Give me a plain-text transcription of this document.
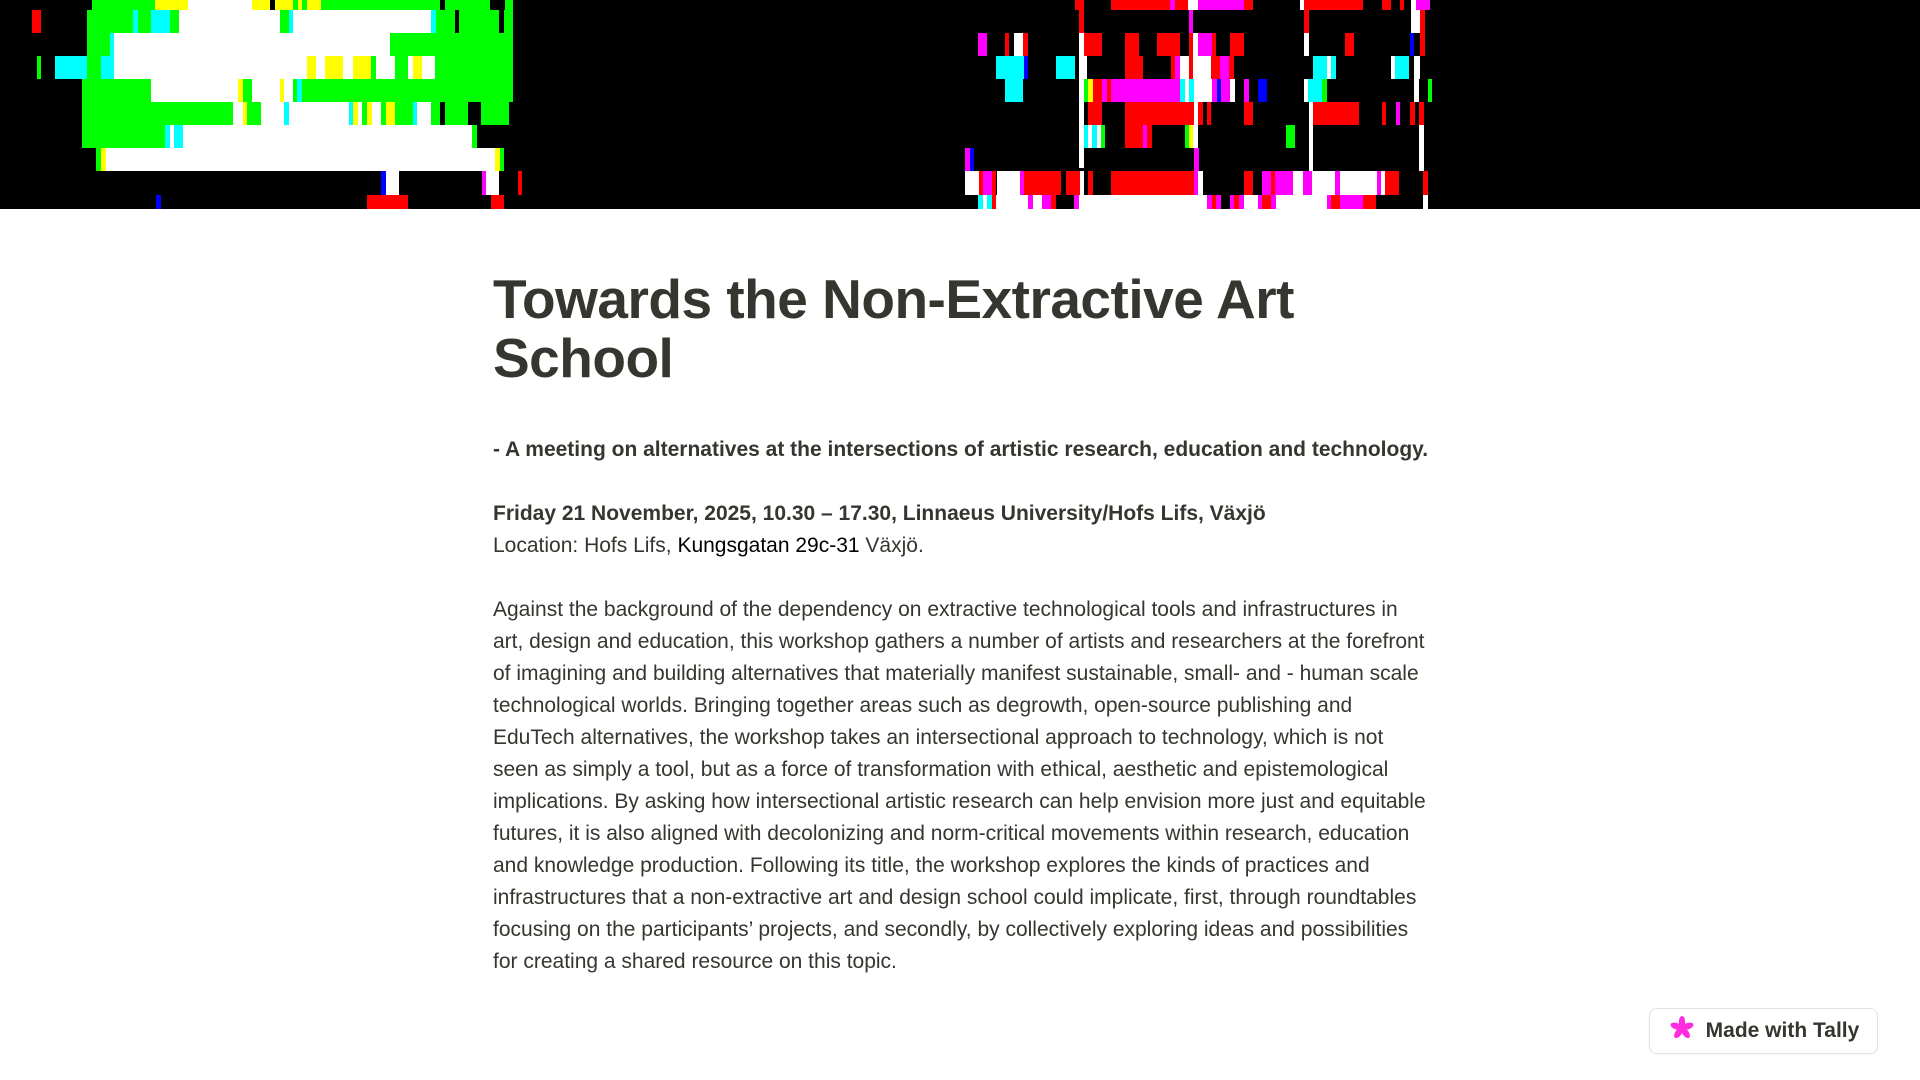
Towards the Non-Extractive Art School

- A meeting on alternatives at the intersections of artistic research, education and technology.

Friday 21 November, 2025, 10.30 – 17.30, Linnaeus University/Hofs Lifs, Växjö

Location: Hofs Lifs, Kungsgatan 29c-31 Växjö.

Against the background of the dependency on extractive technological tools and infrastructures in art, design and education, this workshop gathers a number of artists and researchers at the forefront of imagining and building alternatives that materially manifest sustainable, small- and - human scale technological worlds. Bringing together areas such as degrowth, open-source publishing and EduTech alternatives, the workshop takes an intersectional approach to technology, which is not seen as simply a tool, but as a force of transformation with ethical, aesthetic and epistemological implications. By asking how intersectional artistic research can help envision more just and equitable futures, it is also aligned with decolonizing and norm-critical movements within research, education and knowledge production. Following its title, the workshop explores the kinds of practices and infrastructures that a non-extractive art and design school could implicate, first, through roundtables focusing on the participants’ projects, and secondly, by collectively exploring ideas and possibilities for creating a shared resource on this topic.

Made with Tally
